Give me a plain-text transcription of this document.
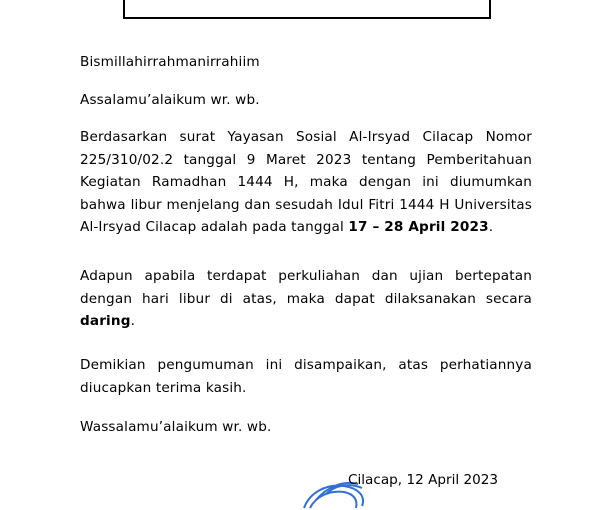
Bismillahirrahmanirrahiim

Assalamu’alaikum wr. wb.

Berdasarkan surat Yayasan Sosial Al-Irsyad Cilacap Nomor
225/310/02.2 tanggal 9 Maret 2023 tentang Pemberitahuan
Kegiatan Ramadhan 1444 H, maka dengan ini diumumkan
bahwa libur menjelang dan sesudah Idul Fitri 1444 H Universitas
Al-Irsyad Cilacap adalah pada tanggal 17 – 28 April 2023.
Adapun apabila terdapat perkuliahan dan ujian bertepatan
dengan hari libur di atas, maka dapat dilaksanakan secara
daring.
Demikian pengumuman ini disampaikan, atas perhatiannya
diucapkan terima kasih.

Wassalamu’alaikum wr. wb.

Cilacap, 12 April 2023
